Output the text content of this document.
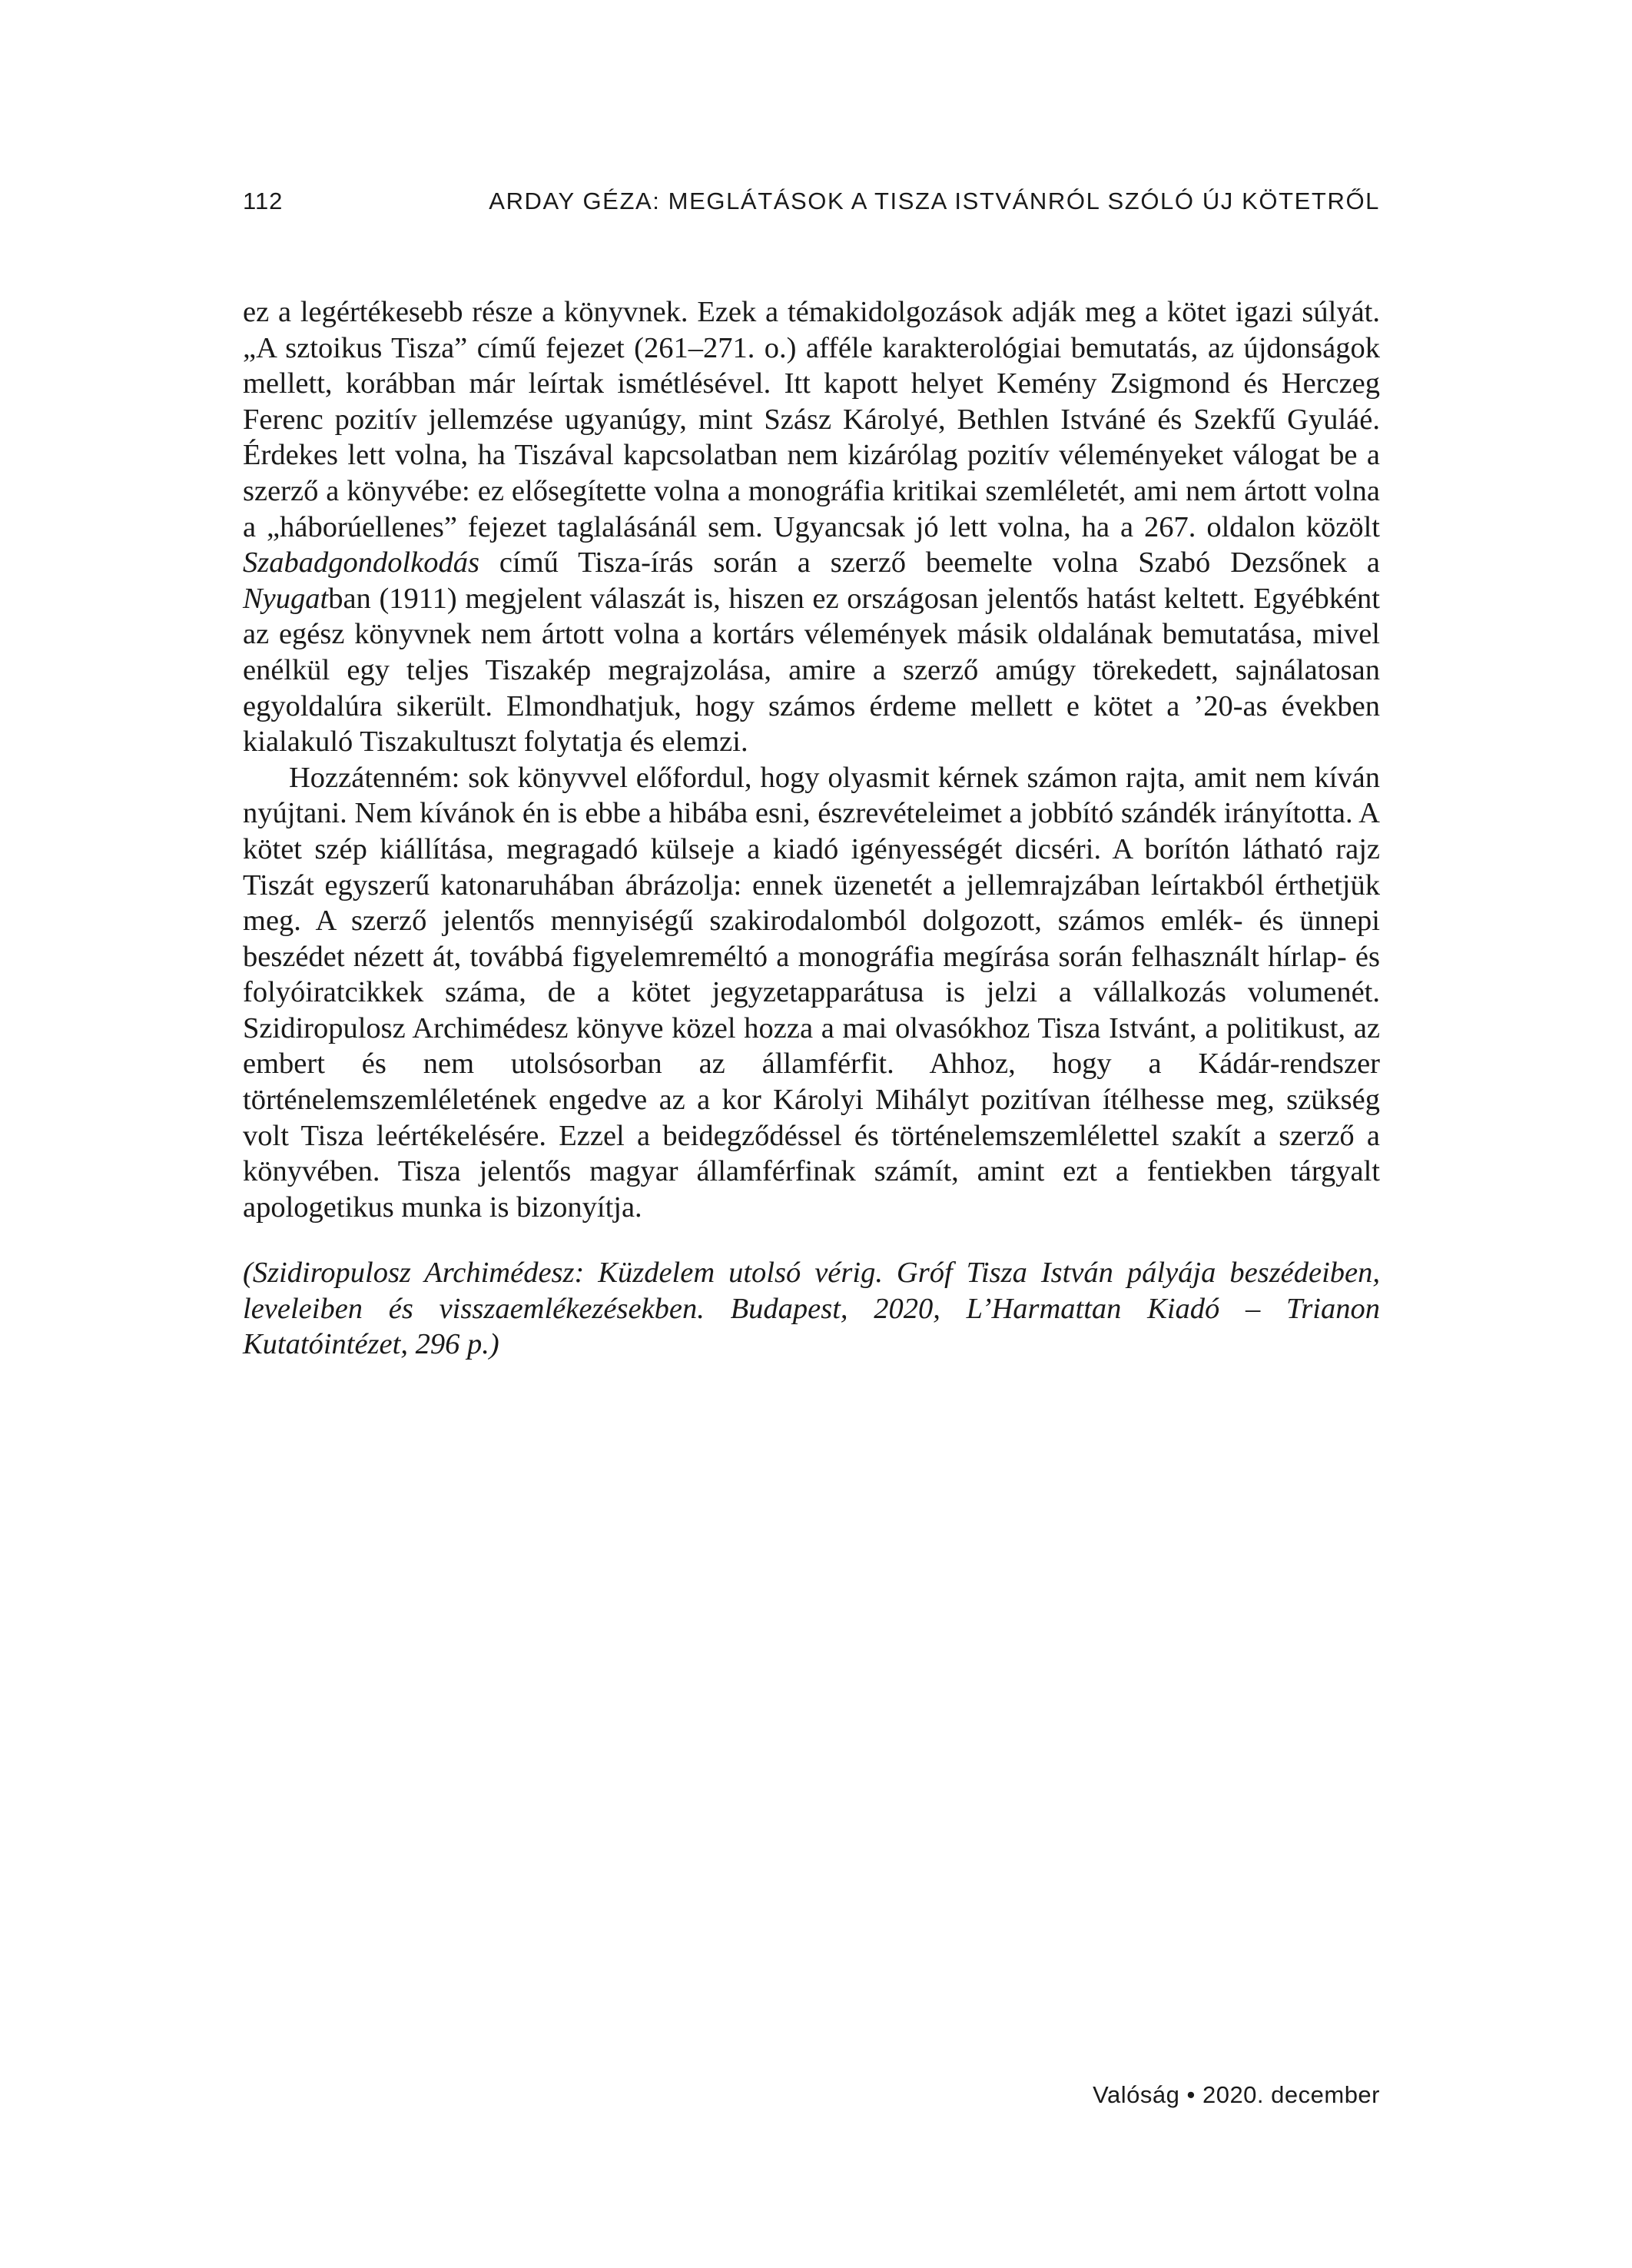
112	ARDAY GÉZA: MEGLÁTÁSOK A TISZA ISTVÁNRÓL SZÓLÓ ÚJ KÖTETRŐL

ez a legértékesebb része a könyvnek. Ezek a témakidolgozások adják meg a kötet igazi súlyát. „A sztoikus Tisza” című fejezet (261–271. o.) afféle karakterológiai bemutatás, az újdonságok mellett, korábban már leírtak ismétlésével. Itt kapott helyet Kemény Zsigmond és Herczeg Ferenc pozitív jellemzése ugyanúgy, mint Szász Károlyé, Bethlen Istváné és Szekfű Gyuláé. Érdekes lett volna, ha Tiszával kapcsolatban nem kizárólag pozitív véleményeket válogat be a szerző a könyvébe: ez elősegítette volna a monográfia kritikai szemléletét, ami nem ártott volna a „háborúellenes” fejezet taglalásánál sem. Ugyancsak jó lett volna, ha a 267. oldalon közölt Szabadgondolkodás című Tisza-írás során a szerző beemelte volna Szabó Dezsőnek a Nyugatban (1911) megjelent válaszát is, hiszen ez országosan jelentős hatást keltett. Egyébként az egész könyvnek nem ártott volna a kortárs vélemények másik oldalának bemutatása, mivel enélkül egy teljes Tiszakép megrajzolása, amire a szerző amúgy törekedett, sajnálatosan egyoldalúra sikerült. Elmondhatjuk, hogy számos érdeme mellett e kötet a ’20-as években kialakuló Tiszakultuszt folytatja és elemzi.

Hozzátenném: sok könyvvel előfordul, hogy olyasmit kérnek számon rajta, amit nem kíván nyújtani. Nem kívánok én is ebbe a hibába esni, észrevételeimet a jobbító szándék irányította. A kötet szép kiállítása, megragadó külseje a kiadó igényességét dicséri. A borítón látható rajz Tiszát egyszerű katonaruhában ábrázolja: ennek üzenetét a jellemrajzában leírtakból érthetjük meg. A szerző jelentős mennyiségű szakirodalomból dolgozott, számos emlék- és ünnepi beszédet nézett át, továbbá figyelemreméltó a monográfia megírása során felhasznált hírlap- és folyóiratcikkek száma, de a kötet jegyzetapparátusa is jelzi a vállalkozás volumenét. Szidiropulosz Archimédesz könyve közel hozza a mai olvasókhoz Tisza Istvánt, a politikust, az embert és nem utolsósorban az államférfit. Ahhoz, hogy a Kádár-rendszer történelemszemléletének engedve az a kor Károlyi Mihályt pozitívan ítélhesse meg, szükség volt Tisza leértékelésére. Ezzel a beidegződéssel és történelemszemlélettel szakít a szerző a könyvében. Tisza jelentős magyar államférfinak számít, amint ezt a fentiekben tárgyalt apologetikus munka is bizonyítja.

(Szidiropulosz Archimédesz: Küzdelem utolsó vérig. Gróf Tisza István pályája beszédeiben, leveleiben és visszaemlékezésekben. Budapest, 2020, L’Harmattan Kiadó – Trianon Kutatóintézet, 296 p.)

Valóság • 2020. december
